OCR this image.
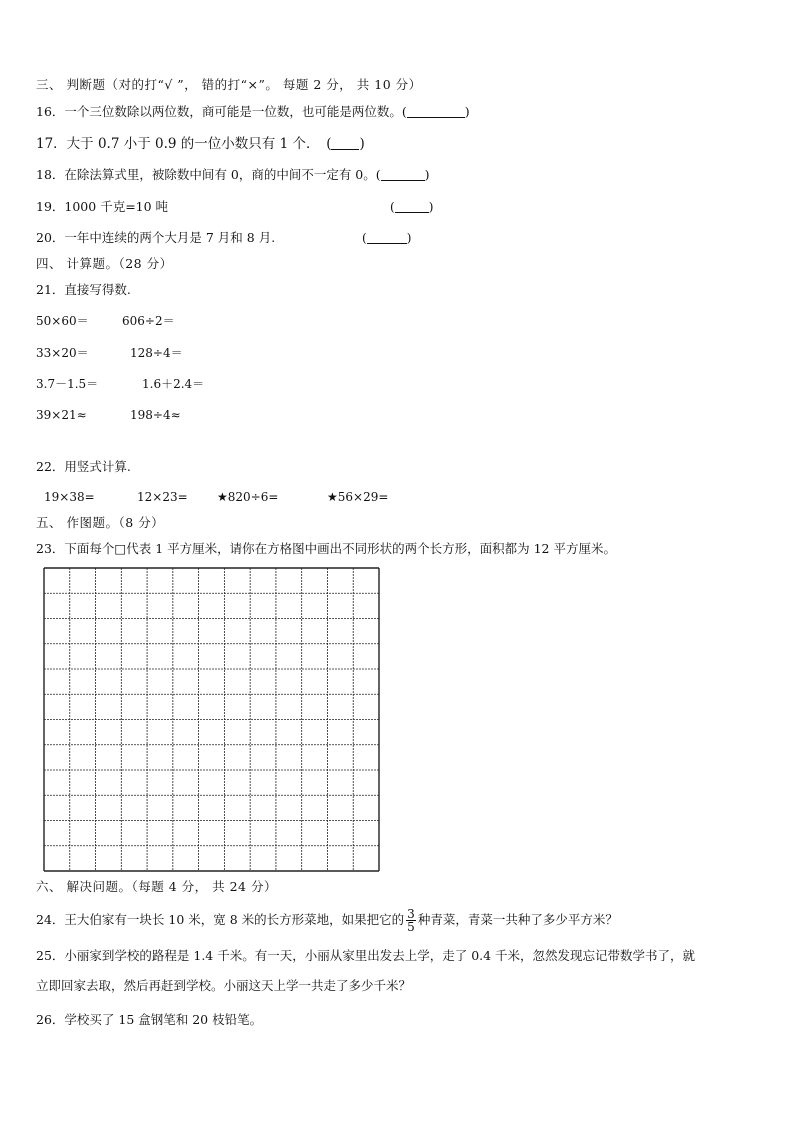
三、 判断题（对的打“√ ”， 错的打“×”。 每题 2 分， 共 10 分）
16．一个三位数除以两位数，商可能是一位数，也可能是两位数。(	)
17．大于 0.7 小于 0.9 的一位小数只有 1 个．　( )
18．在除法算式里，被除数中间有 0，商的中间不一定有 0。(	)
19．1000 千克=10 吨	(	)
20．一年中连续的两个大月是 7 月和 8 月.	(	)
四、 计算题。（28 分）
21．直接写得数.
50×60＝	606÷2＝
33×20＝	128÷4＝
3.7－1.5＝	1.6＋2.4＝
39×21≈	198÷4≈
22．用竖式计算.
19×38=	12×23= ★820÷6=	★56×29=
五、 作图题。（8 分）
23．下面每个□代表 1 平方厘米，请你在方格图中画出不同形状的两个长方形，面积都为 12 平方厘米。
六、 解决问题。（每题 4 分， 共 24 分）
24．王大伯家有一块长 10 米，宽 8 米的长方形菜地，如果把它的 $\frac{3}{5}$ 种青菜，青菜一共种了多少平方米？
25．小丽家到学校的路程是 1.4 千米。有一天，小丽从家里出发去上学，走了 0.4 千米，忽然发现忘记带数学书了，就
立即回家去取，然后再赶到学校。小丽这天上学一共走了多少千米？
26．学校买了 15 盒钢笔和 20 枝铅笔。
